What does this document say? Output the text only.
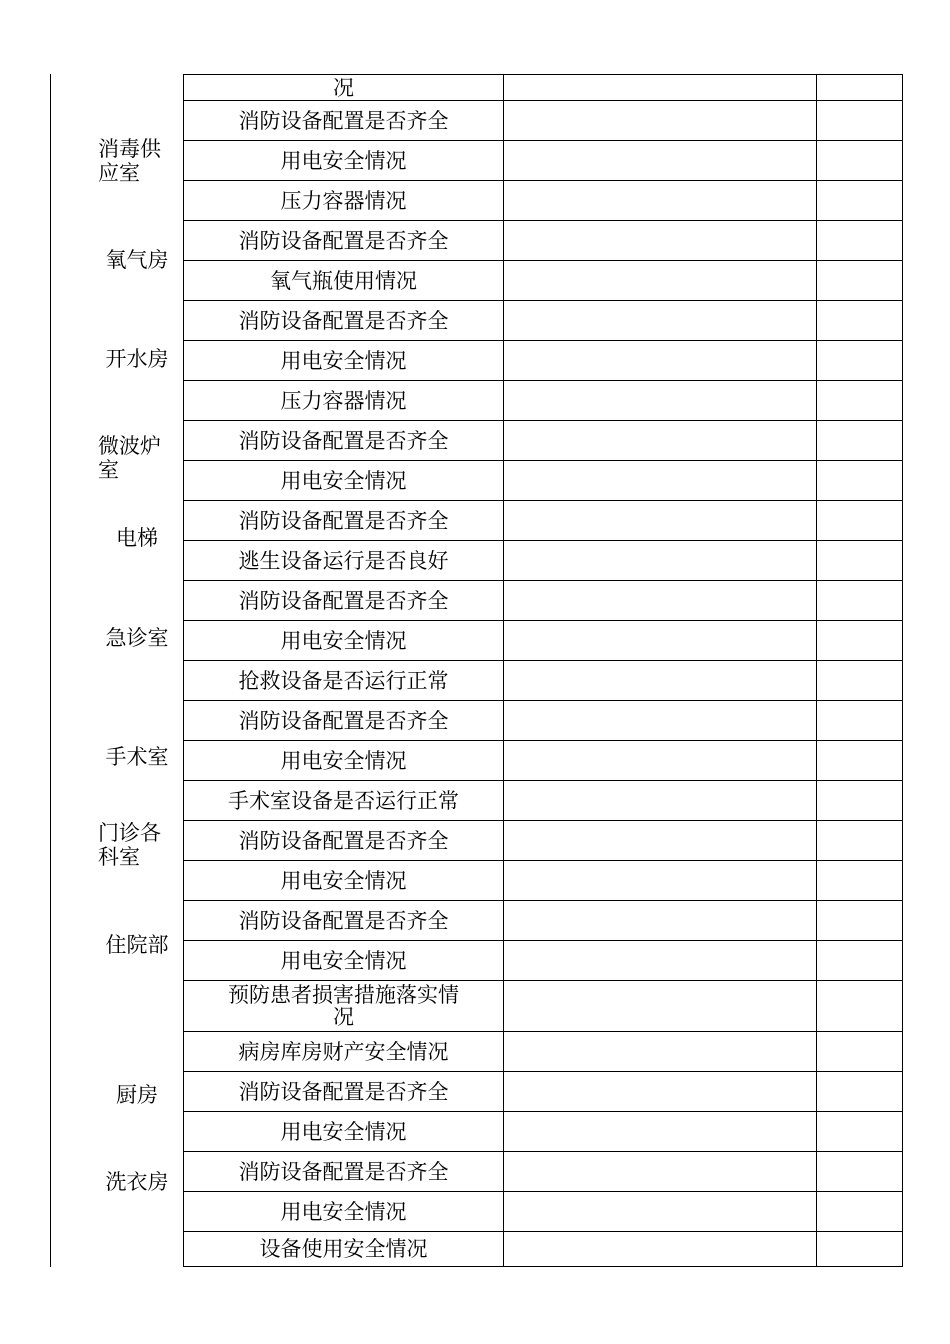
况
消防设备配置是否齐全
用电安全情况
压力容器情况
消防设备配置是否齐全
氧气瓶使用情况
消防设备配置是否齐全
用电安全情况
压力容器情况
消防设备配置是否齐全
用电安全情况
消防设备配置是否齐全
逃生设备运行是否良好
消防设备配置是否齐全
用电安全情况
抢救设备是否运行正常
消防设备配置是否齐全
用电安全情况
手术室设备是否运行正常
消防设备配置是否齐全
用电安全情况
消防设备配置是否齐全
用电安全情况
预防患者损害措施落实情况
病房库房财产安全情况
消防设备配置是否齐全
用电安全情况
消防设备配置是否齐全
用电安全情况
设备使用安全情况
消毒供应室
氧气房
开水房
微波炉室
电梯
急诊室
手术室
门诊各科室
住院部
厨房
洗衣房
